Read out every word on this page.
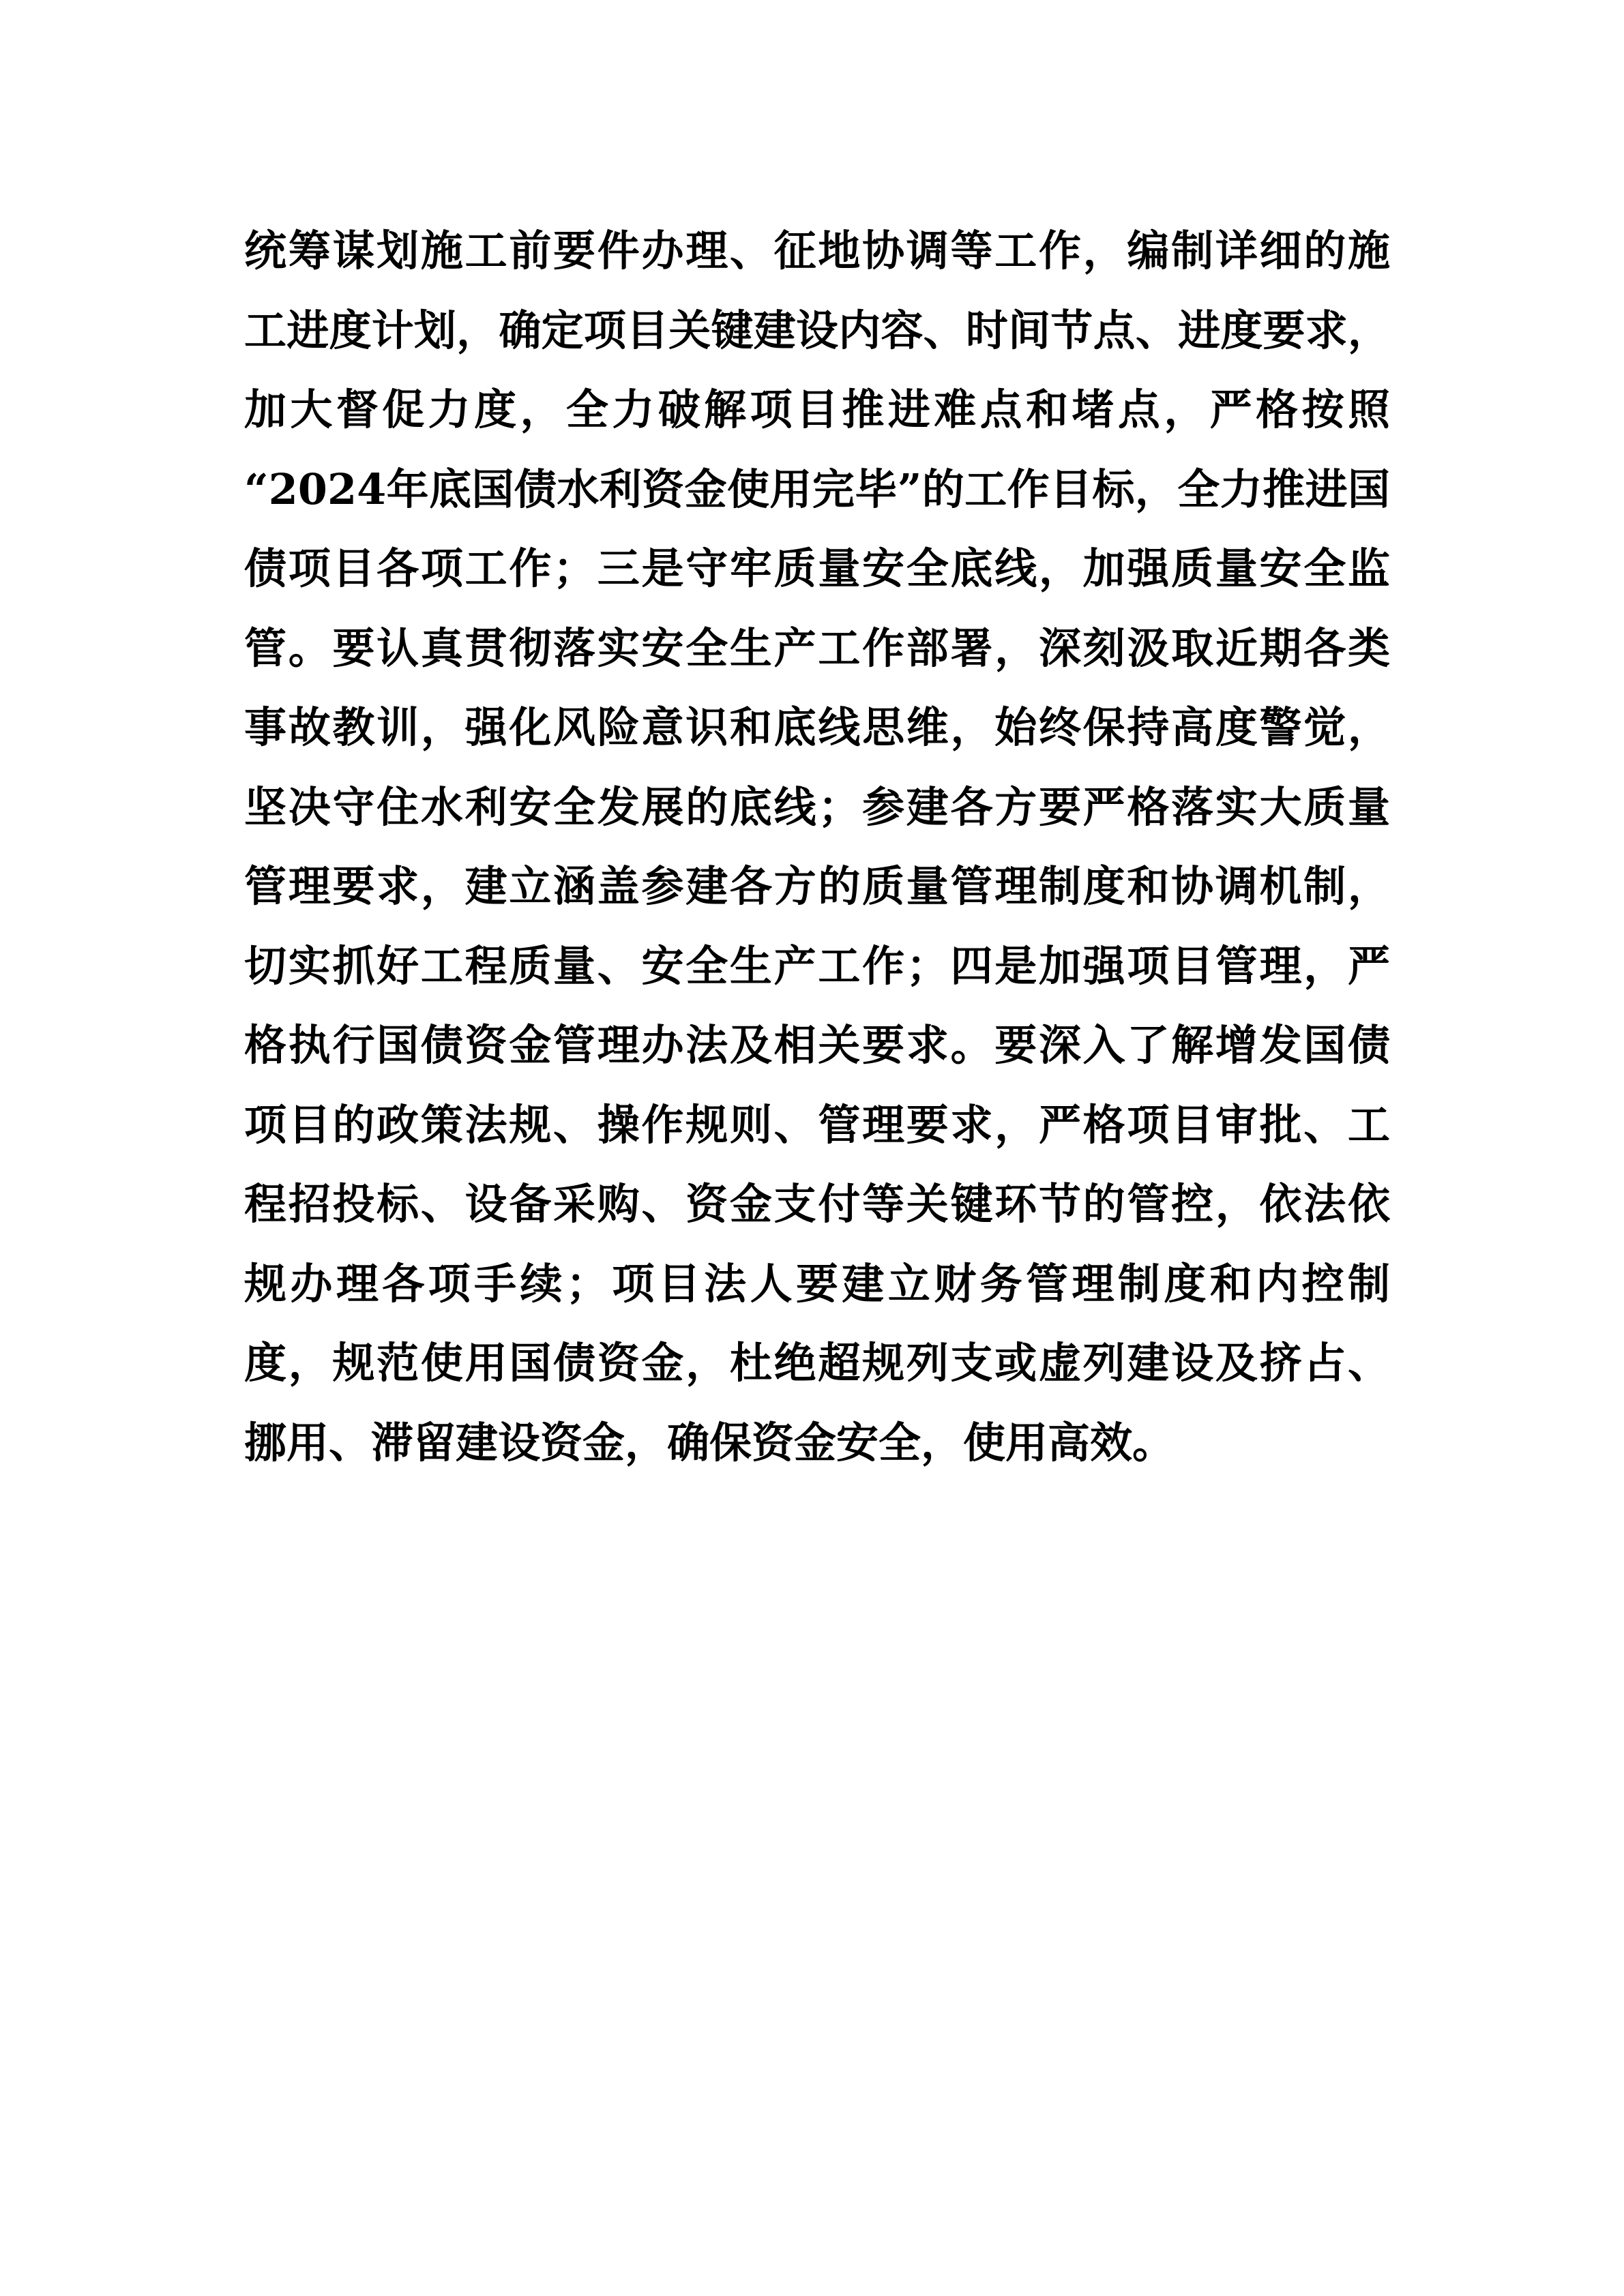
统筹谋划施工前要件办理、征地协调等工作，编制详细的施
工进度计划，确定项目关键建设内容、时间节点、进度要求，
加大督促力度，全力破解项目推进难点和堵点，严格按照
“2024年底国债水利资金使用完毕”的工作目标，全力推进国
债项目各项工作；三是守牢质量安全底线，加强质量安全监
管。要认真贯彻落实安全生产工作部署，深刻汲取近期各类
事故教训，强化风险意识和底线思维，始终保持高度警觉，
坚决守住水利安全发展的底线；参建各方要严格落实大质量
管理要求，建立涵盖参建各方的质量管理制度和协调机制，
切实抓好工程质量、安全生产工作；四是加强项目管理，严
格执行国债资金管理办法及相关要求。要深入了解增发国债
项目的政策法规、操作规则、管理要求，严格项目审批、工
程招投标、设备采购、资金支付等关键环节的管控，依法依
规办理各项手续；项目法人要建立财务管理制度和内控制
度，规范使用国债资金，杜绝超规列支或虚列建设及挤占、
挪用、滞留建设资金，确保资金安全，使用高效。
